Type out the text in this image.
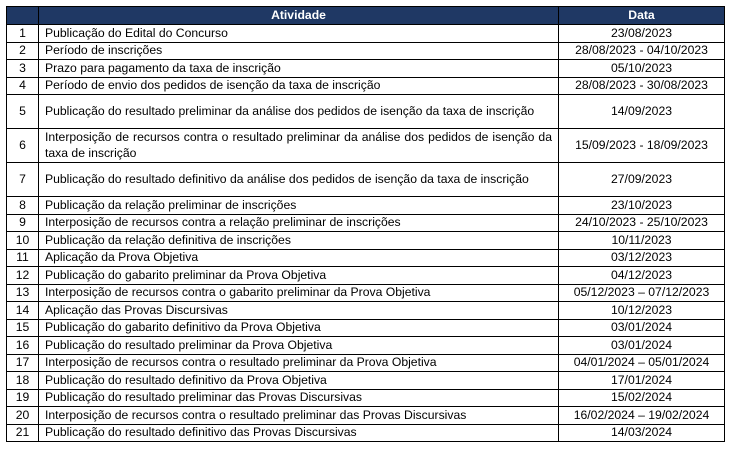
	Atividade	Data
1	Publicação do Edital do Concurso	23/08/2023
2	Período de inscrições	28/08/2023 - 04/10/2023
3	Prazo para pagamento da taxa de inscrição	05/10/2023
4	Período de envio dos pedidos de isenção da taxa de inscrição	28/08/2023 - 30/08/2023
5	Publicação do resultado preliminar da análise dos pedidos de isenção da taxa de inscrição	14/09/2023
6	Interposição de recursos contra o resultado preliminar da análise dos pedidos de isenção da taxa de inscrição	15/09/2023 - 18/09/2023
7	Publicação do resultado definitivo da análise dos pedidos de isenção da taxa de inscrição	27/09/2023
8	Publicação da relação preliminar de inscrições	23/10/2023
9	Interposição de recursos contra a relação preliminar de inscrições	24/10/2023 - 25/10/2023
10	Publicação da relação definitiva de inscrições	10/11/2023
11	Aplicação da Prova Objetiva	03/12/2023
12	Publicação do gabarito preliminar da Prova Objetiva	04/12/2023
13	Interposição de recursos contra o gabarito preliminar da Prova Objetiva	05/12/2023 – 07/12/2023
14	Aplicação das Provas Discursivas	10/12/2023
15	Publicação do gabarito definitivo da Prova Objetiva	03/01/2024
16	Publicação do resultado preliminar da Prova Objetiva	03/01/2024
17	Interposição de recursos contra o resultado preliminar da Prova Objetiva	04/01/2024 – 05/01/2024
18	Publicação do resultado definitivo da Prova Objetiva	17/01/2024
19	Publicação do resultado preliminar das Provas Discursivas	15/02/2024
20	Interposição de recursos contra o resultado preliminar das Provas Discursivas	16/02/2024 – 19/02/2024
21	Publicação do resultado definitivo das Provas Discursivas	14/03/2024
